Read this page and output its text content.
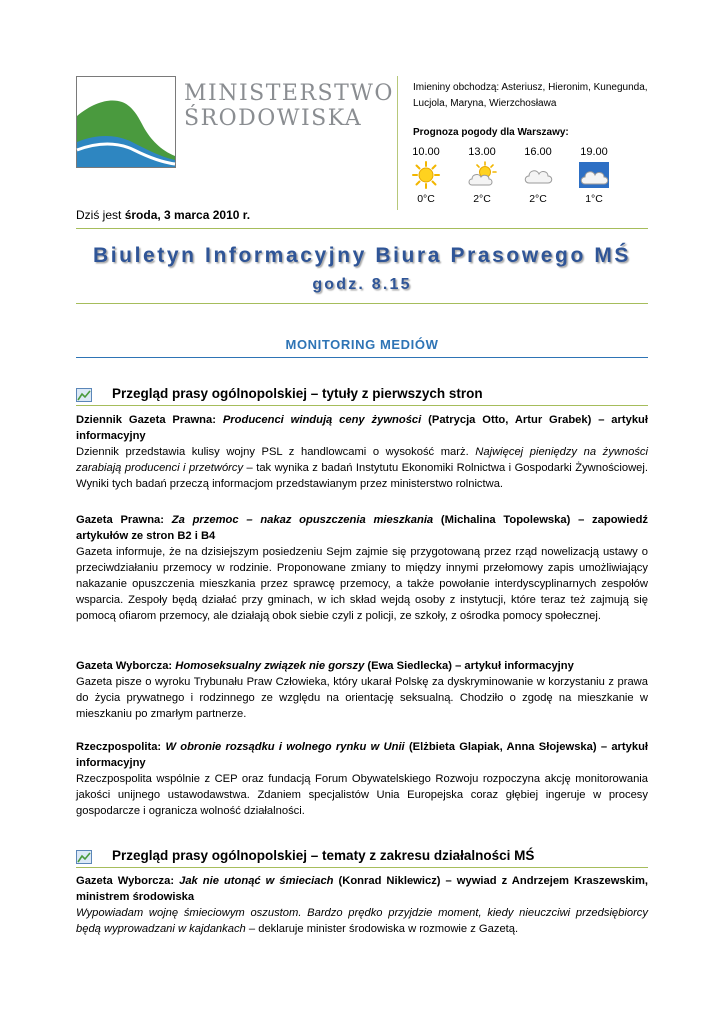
MINISTERSTWO
ŚRODOWISKA
Imieniny obchodzą: Asteriusz, Hieronim, Kunegunda, Lucjola, Maryna, Wierzchosława
Prognoza pogody dla Warszawy:
10.00
0°C
13.00
2°C
16.00
2°C
19.00
1°C
Dziś jest środa, 3 marca 2010 r.
Biuletyn Informacyjny Biura Prasowego MŚ
godz. 8.15
MONITORING MEDIÓW
Przegląd prasy ogólnopolskiej – tytuły z pierwszych stron

Dziennik Gazeta Prawna: Producenci windują ceny żywności (Patrycja Otto, Artur Grabek) – artykuł informacyjny

Dziennik przedstawia kulisy wojny PSL z handlowcami o wysokość marż. Najwięcej pieniędzy na żywności zarabiają producenci i przetwórcy – tak wynika z badań Instytutu Ekonomiki Rolnictwa i Gospodarki Żywnościowej. Wyniki tych badań przeczą informacjom przedstawianym przez ministerstwo rolnictwa.

Gazeta Prawna: Za przemoc – nakaz opuszczenia mieszkania (Michalina Topolewska) – zapowiedź artykułów ze stron B2 i B4

Gazeta informuje, że na dzisiejszym posiedzeniu Sejm zajmie się przygotowaną przez rząd nowelizacją ustawy o przeciwdziałaniu przemocy w rodzinie. Proponowane zmiany to między innymi przełomowy zapis umożliwiający nakazanie opuszczenia mieszkania przez sprawcę przemocy, a także powołanie interdyscyplinarnych zespołów wsparcia. Zespoły będą działać przy gminach, w ich skład wejdą osoby z instytucji, które teraz też zajmują się pomocą ofiarom przemocy, ale działają obok siebie czyli z policji, ze szkoły, z ośrodka pomocy społecznej.

Gazeta Wyborcza: Homoseksualny związek nie gorszy (Ewa Siedlecka) – artykuł informacyjny

Gazeta pisze o wyroku Trybunału Praw Człowieka, który ukarał Polskę za dyskryminowanie w korzystaniu z prawa do życia prywatnego i rodzinnego ze względu na orientację seksualną. Chodziło o zgodę na mieszkanie w mieszkaniu po zmarłym partnerze.

Rzeczpospolita: W obronie rozsądku i wolnego rynku w Unii (Elżbieta Glapiak, Anna Słojewska) – artykuł informacyjny

Rzeczpospolita wspólnie z CEP oraz fundacją Forum Obywatelskiego Rozwoju rozpoczyna akcję monitorowania jakości unijnego ustawodawstwa. Zdaniem specjalistów Unia Europejska coraz głębiej ingeruje w procesy gospodarcze i ogranicza wolność działalności.

Przegląd prasy ogólnopolskiej – tematy z zakresu działalności MŚ

Gazeta Wyborcza: Jak nie utonąć w śmieciach (Konrad Niklewicz) – wywiad z Andrzejem Kraszewskim, ministrem środowiska

Wypowiadam wojnę śmieciowym oszustom. Bardzo prędko przyjdzie moment, kiedy nieuczciwi przedsiębiorcy będą wyprowadzani w kajdankach – deklaruje minister środowiska w rozmowie z Gazetą.
